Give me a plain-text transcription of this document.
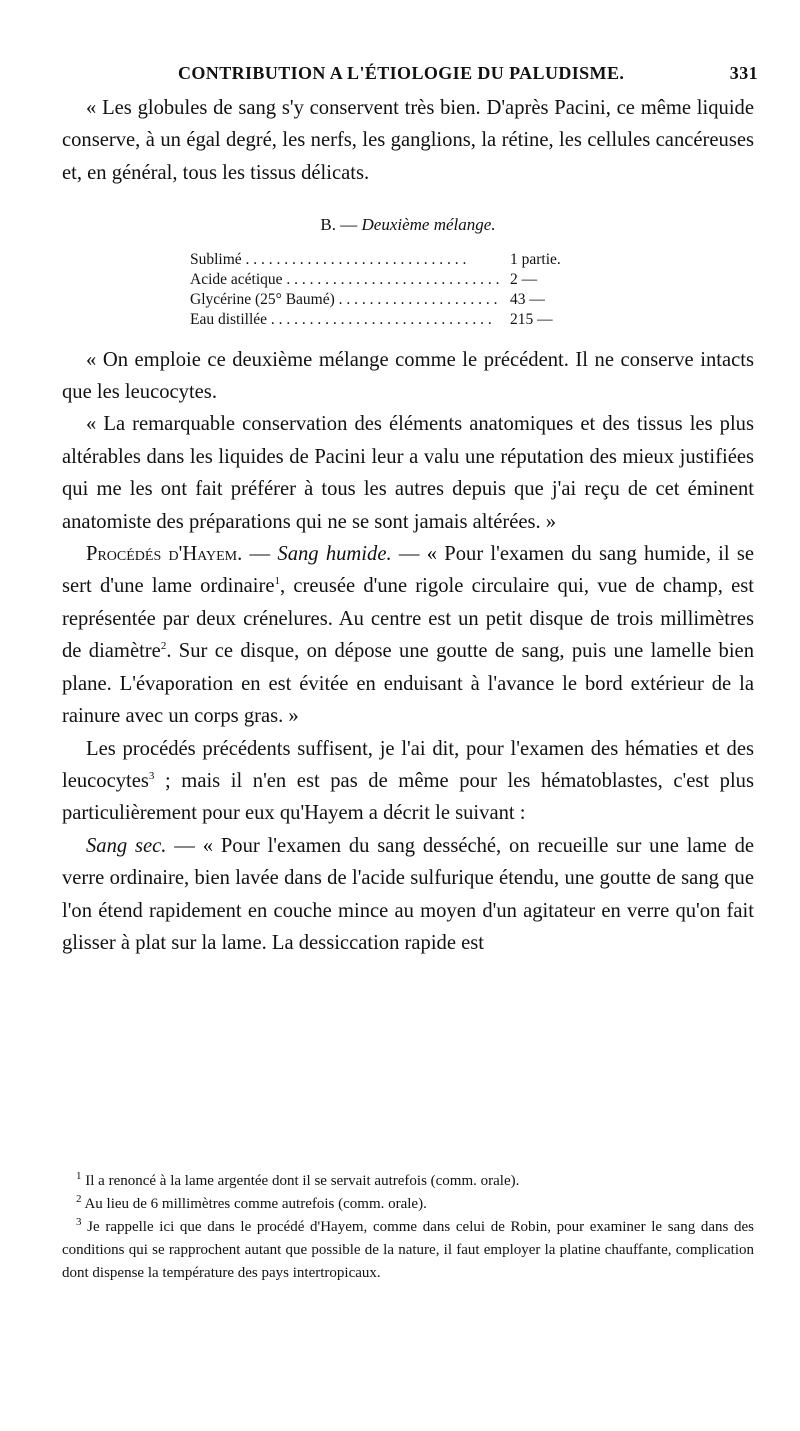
CONTRIBUTION A L'ÉTIOLOGIE DU PALUDISME.	331

« Les globules de sang s'y conservent très bien. D'après Pacini, ce même liquide conserve, à un égal degré, les nerfs, les ganglions, la rétine, les cellules cancéreuses et, en général, tous les tissus délicats.

B. — Deuxième mélange.
Sublimé . . .	1 partie.
Acide acétique . . .	2 —
Glycérine (25° Baumé) . . .	43 —
Eau distillée . . .	215 —

« On emploie ce deuxième mélange comme le précédent. Il ne conserve intacts que les leucocytes.

« La remarquable conservation des éléments anatomiques et des tissus les plus altérables dans les liquides de Pacini leur a valu une réputation des mieux justifiées qui me les ont fait préférer à tous les autres depuis que j'ai reçu de cet éminent anatomiste des préparations qui ne se sont jamais altérées. »

Procédés d'Hayem. — Sang humide. — « Pour l'examen du sang humide, il se sert d'une lame ordinaire$^1$, creusée d'une rigole circulaire qui, vue de champ, est représentée par deux crénelures. Au centre est un petit disque de trois millimètres de diamètre$^2$. Sur ce disque, on dépose une goutte de sang, puis une lamelle bien plane. L'évaporation en est évitée en enduisant à l'avance le bord extérieur de la rainure avec un corps gras. »

Les procédés précédents suffisent, je l'ai dit, pour l'examen des hématies et des leucocytes$^3$ ; mais il n'en est pas de même pour les hématoblastes, c'est plus particulièrement pour eux qu'Hayem a décrit le suivant :

Sang sec. — « Pour l'examen du sang desséché, on recueille sur une lame de verre ordinaire, bien lavée dans de l'acide sulfurique étendu, une goutte de sang que l'on étend rapidement en couche mince au moyen d'un agitateur en verre qu'on fait glisser à plat sur la lame. La dessiccation rapide est

$^1$ Il a renoncé à la lame argentée dont il se servait autrefois (comm. orale).

$^2$ Au lieu de 6 millimètres comme autrefois (comm. orale).

$^3$ Je rappelle ici que dans le procédé d'Hayem, comme dans celui de Robin, pour examiner le sang dans des conditions qui se rapprochent autant que possible de la nature, il faut employer la platine chauffante, complication dont dispense la température des pays intertropicaux.
